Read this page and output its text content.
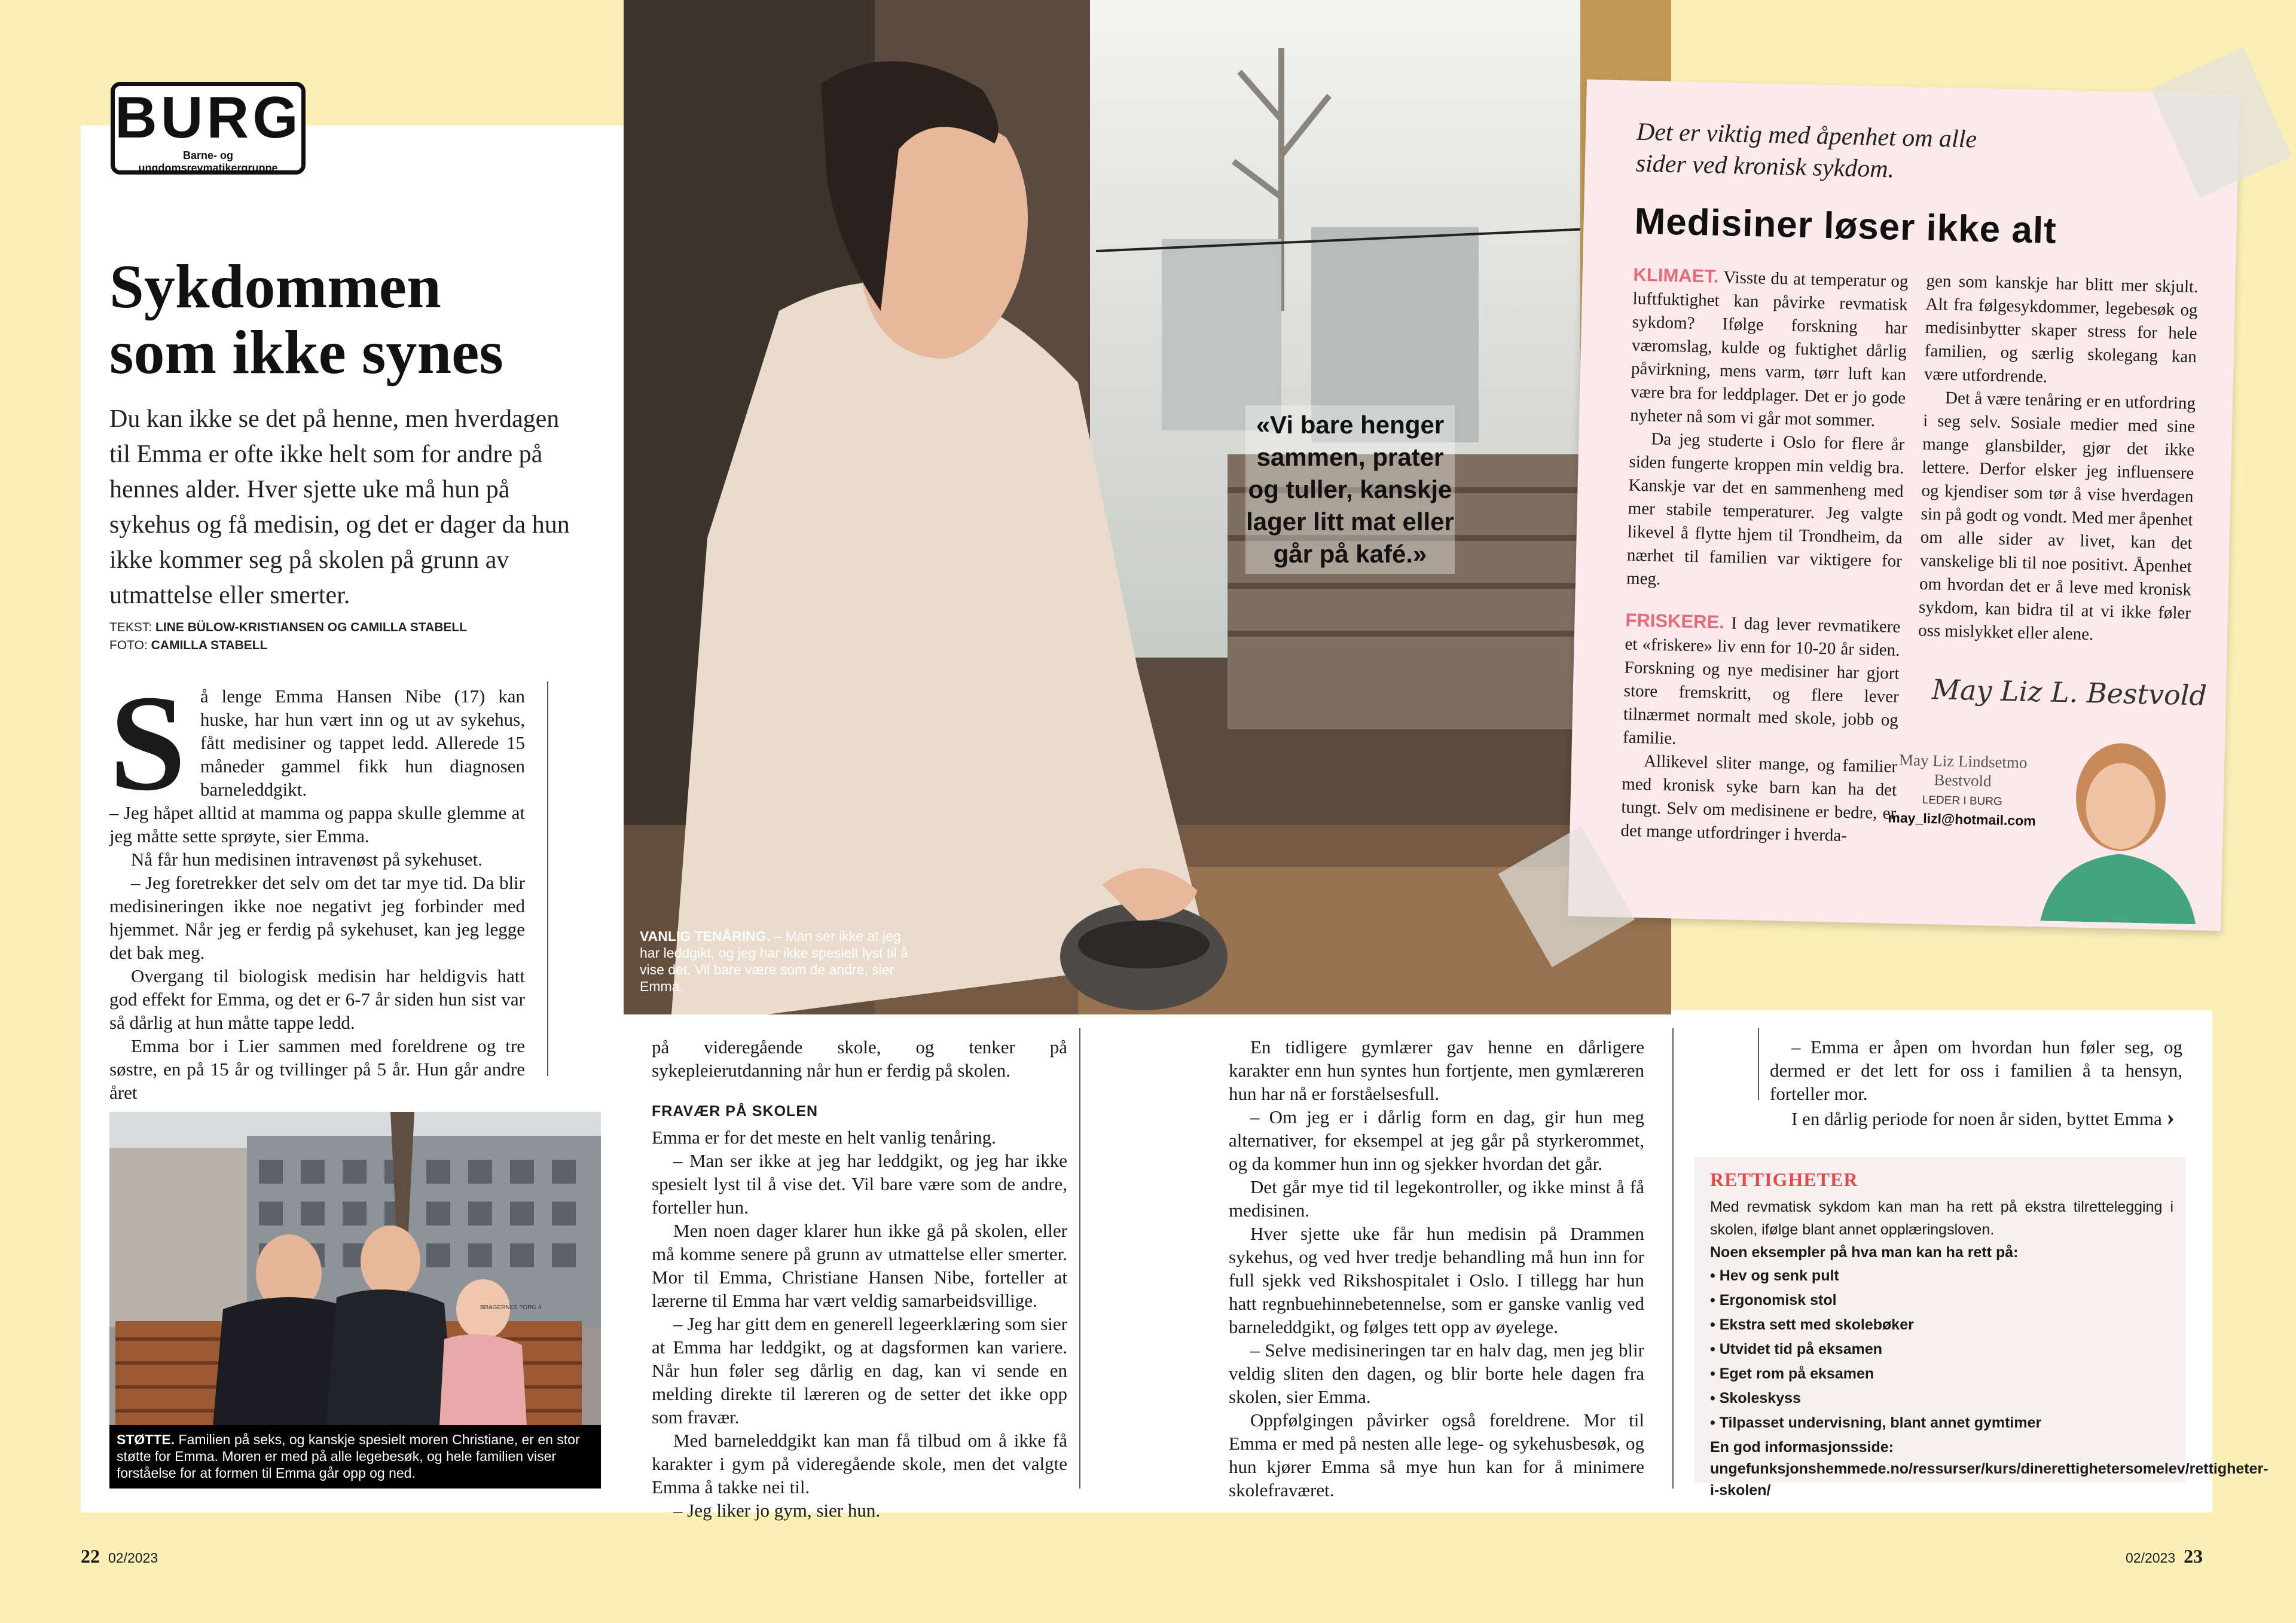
BURG
Barne- og ungdomsrevmatikergruppe
Sykdommen
som ikke synes
Du kan ikke se det på henne, men hverdagen til Emma er ofte ikke helt som for andre på hennes alder. Hver sjette uke må hun på sykehus og få medisin, og det er dager da hun ikke kommer seg på skolen på grunn av utmattelse eller smerter.
TEKST: LINE BÜLOW-KRISTIANSEN OG CAMILLA STABELL
FOTO: CAMILLA STABELL
S å lenge Emma Hansen Nibe (17) kan huske, har hun vært inn og ut av sykehus, fått medisiner og tappet ledd. Allerede 15 måneder gammel fikk hun diagnosen barneleddgikt.

– Jeg håpet alltid at mamma og pappa skulle glemme at jeg måtte sette sprøyte, sier Emma.

Nå får hun medisinen intravenøst på sykehuset.

– Jeg foretrekker det selv om det tar mye tid. Da blir medisineringen ikke noe negativt jeg forbinder med hjemmet. Når jeg er ferdig på sykehuset, kan jeg legge det bak meg.

Overgang til biologisk medisin har heldigvis hatt god effekt for Emma, og det er 6-7 år siden hun sist var så dårlig at hun måtte tappe ledd.

Emma bor i Lier sammen med foreldrene og tre søstre, en på 15 år og tvillinger på 5 år. Hun går andre året

BRAGERNES TORG 4
STØTTE. Familien på seks, og kanskje spesielt moren Christiane, er en stor støtte for Emma. Moren er med på alle legebesøk, og hele familien viser forståelse for at formen til Emma går opp og ned.
«Vi bare henger sammen, prater og tuller, kanskje lager litt mat eller går på kafé.»
VANLIG TENÅRING. – Man ser ikke at jeg har leddgikt, og jeg har ikke spesielt lyst til å vise det. Vil bare være som de andre, sier Emma.

på videregående skole, og tenker på sykepleierutdanning når hun er ferdig på skolen.

FRAVÆR PÅ SKOLEN

Emma er for det meste en helt vanlig tenåring.

– Man ser ikke at jeg har leddgikt, og jeg har ikke spesielt lyst til å vise det. Vil bare være som de andre, forteller hun.

Men noen dager klarer hun ikke gå på skolen, eller må komme senere på grunn av utmattelse eller smerter. Mor til Emma, Christiane Hansen Nibe, forteller at lærerne til Emma har vært veldig samarbeidsvillige.

– Jeg har gitt dem en generell legeerklæring som sier at Emma har leddgikt, og at dagsformen kan variere. Når hun føler seg dårlig en dag, kan vi sende en melding direkte til læreren og de setter det ikke opp som fravær.

Med barneleddgikt kan man få tilbud om å ikke få karakter i gym på videregående skole, men det valgte Emma å takke nei til.

– Jeg liker jo gym, sier hun.

En tidligere gymlærer gav henne en dårligere karakter enn hun syntes hun fortjente, men gymlæreren hun har nå er forståelsesfull.

– Om jeg er i dårlig form en dag, gir hun meg alternativer, for eksempel at jeg går på styrkerommet, og da kommer hun inn og sjekker hvordan det går.

Det går mye tid til legekontroller, og ikke minst å få medisinen.

Hver sjette uke får hun medisin på Drammen sykehus, og ved hver tredje behandling må hun inn for full sjekk ved Rikshospitalet i Oslo. I tillegg har hun hatt regnbuehinnebetennelse, som er ganske vanlig ved barneleddgikt, og følges tett opp av øyelege.

– Selve medisineringen tar en halv dag, men jeg blir veldig sliten den dagen, og blir borte hele dagen fra skolen, sier Emma.

Oppfølgingen påvirker også foreldrene. Mor til Emma er med på nesten alle lege- og sykehusbesøk, og hun kjører Emma så mye hun kan for å minimere skolefraværet.

– Emma er åpen om hvordan hun føler seg, og dermed er det lett for oss i familien å ta hensyn, forteller mor.

I en dårlig periode for noen år siden, byttet Emma ›

RETTIGHETER
Med revmatisk sykdom kan man ha rett på ekstra tilrettelegging i skolen, ifølge blant annet opplæringsloven.
Noen eksempler på hva man kan ha rett på:
• Hev og senk pult
• Ergonomisk stol
• Ekstra sett med skolebøker
• Utvidet tid på eksamen
• Eget rom på eksamen
• Skoleskyss
• Tilpasset undervisning, blant annet gymtimer
En god informasjonsside: ungefunksjonshemmede.no/ressurser/kurs/dinerettighetersomelev/rettigheter-i-skolen/
Det er viktig med åpenhet om alle sider ved kronisk sykdom.
Medisiner løser ikke alt

KLIMAET. Visste du at temperatur og luftfuktighet kan påvirke revmatisk sykdom? Ifølge forskning har væromslag, kulde og fuktighet dårlig påvirkning, mens varm, tørr luft kan være bra for leddplager. Det er jo gode nyheter nå som vi går mot sommer.

Da jeg studerte i Oslo for flere år siden fungerte kroppen min veldig bra. Kanskje var det en sammenheng med mer stabile temperaturer. Jeg valgte likevel å flytte hjem til Trondheim, da nærhet til familien var viktigere for meg.

FRISKERE. I dag lever revmatikere et «friskere» liv enn for 10-20 år siden. Forskning og nye medisiner har gjort store fremskritt, og flere lever tilnærmet normalt med skole, jobb og familie.

Allikevel sliter mange, og familier med kronisk syke barn kan ha det tungt. Selv om medisinene er bedre, er det mange utfordringer i hverda-

gen som kanskje har blitt mer skjult. Alt fra følgesykdommer, legebesøk og medisinbytter skaper stress for hele familien, og særlig skolegang kan være utfordrende.

Det å være tenåring er en utfordring i seg selv. Sosiale medier med sine mange glansbilder, gjør det ikke lettere. Derfor elsker jeg influensere og kjendiser som tør å vise hverdagen sin på godt og vondt. Med mer åpenhet om alle sider av livet, kan det vanskelige bli til noe positivt. Åpenhet om hvordan det er å leve med kronisk sykdom, kan bidra til at vi ikke føler oss mislykket eller alene.

May Liz L. Bestvold
May Liz Lindsetmo Bestvold
LEDER I BURG
may_lizl@hotmail.com
22 02/2023	02/2023 23
